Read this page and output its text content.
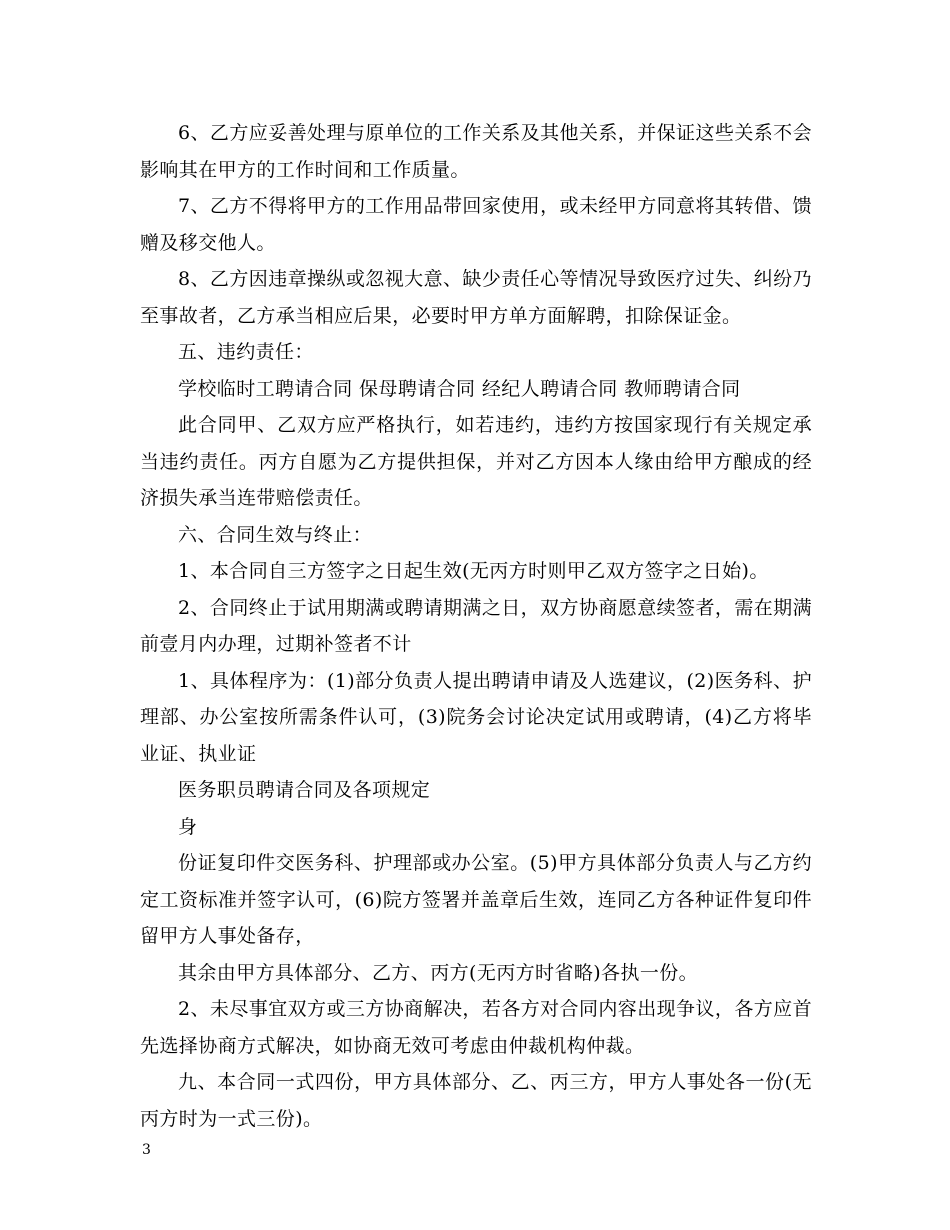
6、乙方应妥善处理与原单位的工作关系及其他关系，并保证这些关系不会影响其在甲方的工作时间和工作质量。

7、乙方不得将甲方的工作用品带回家使用，或未经甲方同意将其转借、馈赠及移交他人。

8、乙方因违章操纵或忽视大意、缺少责任心等情况导致医疗过失、纠纷乃至事故者，乙方承当相应后果，必要时甲方单方面解聘，扣除保证金。

五、违约责任：

学校临时工聘请合同 保母聘请合同 经纪人聘请合同 教师聘请合同

此合同甲、乙双方应严格执行，如若违约，违约方按国家现行有关规定承当违约责任。丙方自愿为乙方提供担保，并对乙方因本人缘由给甲方酿成的经济损失承当连带赔偿责任。

六、合同生效与终止：

1、本合同自三方签字之日起生效(无丙方时则甲乙双方签字之日始)。

2、合同终止于试用期满或聘请期满之日，双方协商愿意续签者，需在期满前壹月内办理，过期补签者不计

1、具体程序为：(1)部分负责人提出聘请申请及人选建议，(2)医务科、护理部、办公室按所需条件认可，(3)院务会讨论决定试用或聘请，(4)乙方将毕业证、执业证

医务职员聘请合同及各项规定

身

份证复印件交医务科、护理部或办公室。(5)甲方具体部分负责人与乙方约定工资标准并签字认可，(6)院方签署并盖章后生效，连同乙方各种证件复印件留甲方人事处备存，

其余由甲方具体部分、乙方、丙方(无丙方时省略)各执一份。

2、未尽事宜双方或三方协商解决，若各方对合同内容出现争议，各方应首先选择协商方式解决，如协商无效可考虑由仲裁机构仲裁。

九、本合同一式四份，甲方具体部分、乙、丙三方，甲方人事处各一份(无丙方时为一式三份)。

3
